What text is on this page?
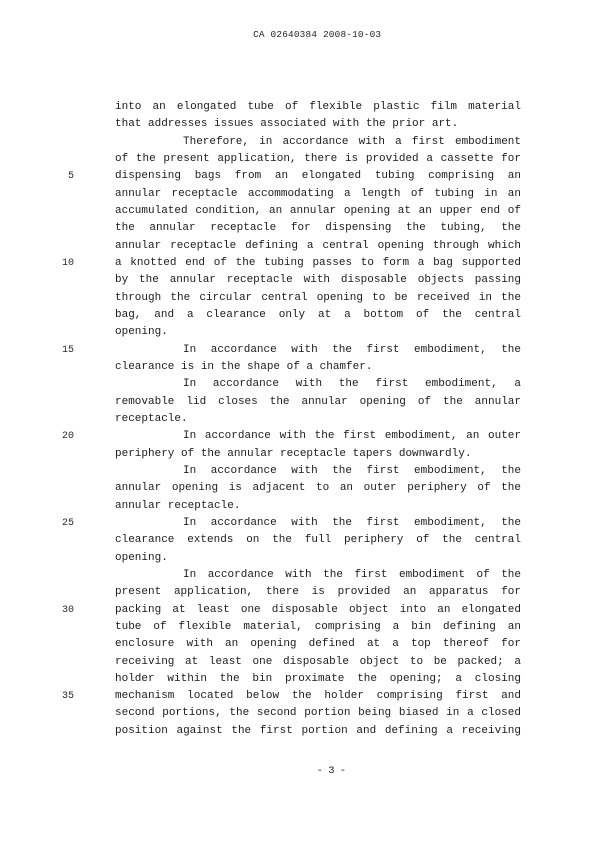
CA 02640384 2008-10-03

into an elongated tube of flexible plastic film material
that addresses issues associated with the prior art.
Therefore, in accordance with a first embodiment
of the present application, there is provided a cassette for
5	dispensing bags from an elongated tubing comprising an
annular receptacle accommodating a length of tubing in an
accumulated condition, an annular opening at an upper end of
the annular receptacle for dispensing the tubing, the
annular receptacle defining a central opening through which
10	a knotted end of the tubing passes to form a bag supported
by the annular receptacle with disposable objects passing
through the circular central opening to be received in the
bag, and a clearance only at a bottom of the central
opening.
15	In accordance with the first embodiment, the
clearance is in the shape of a chamfer.
In accordance with the first embodiment, a
removable lid closes the annular opening of the annular
receptacle.
20	In accordance with the first embodiment, an outer
periphery of the annular receptacle tapers downwardly.
In accordance with the first embodiment, the
annular opening is adjacent to an outer periphery of the
annular receptacle.
25	In accordance with the first embodiment, the
clearance extends on the full periphery of the central
opening.
In accordance with the first embodiment of the
present application, there is provided an apparatus for
30	packing at least one disposable object into an elongated
tube of flexible material, comprising a bin defining an
enclosure with an opening defined at a top thereof for
receiving at least one disposable object to be packed; a
holder within the bin proximate the opening; a closing
35	mechanism located below the holder comprising first and
second portions, the second portion being biased in a closed
position against the first portion and defining a receiving

- 3 -
